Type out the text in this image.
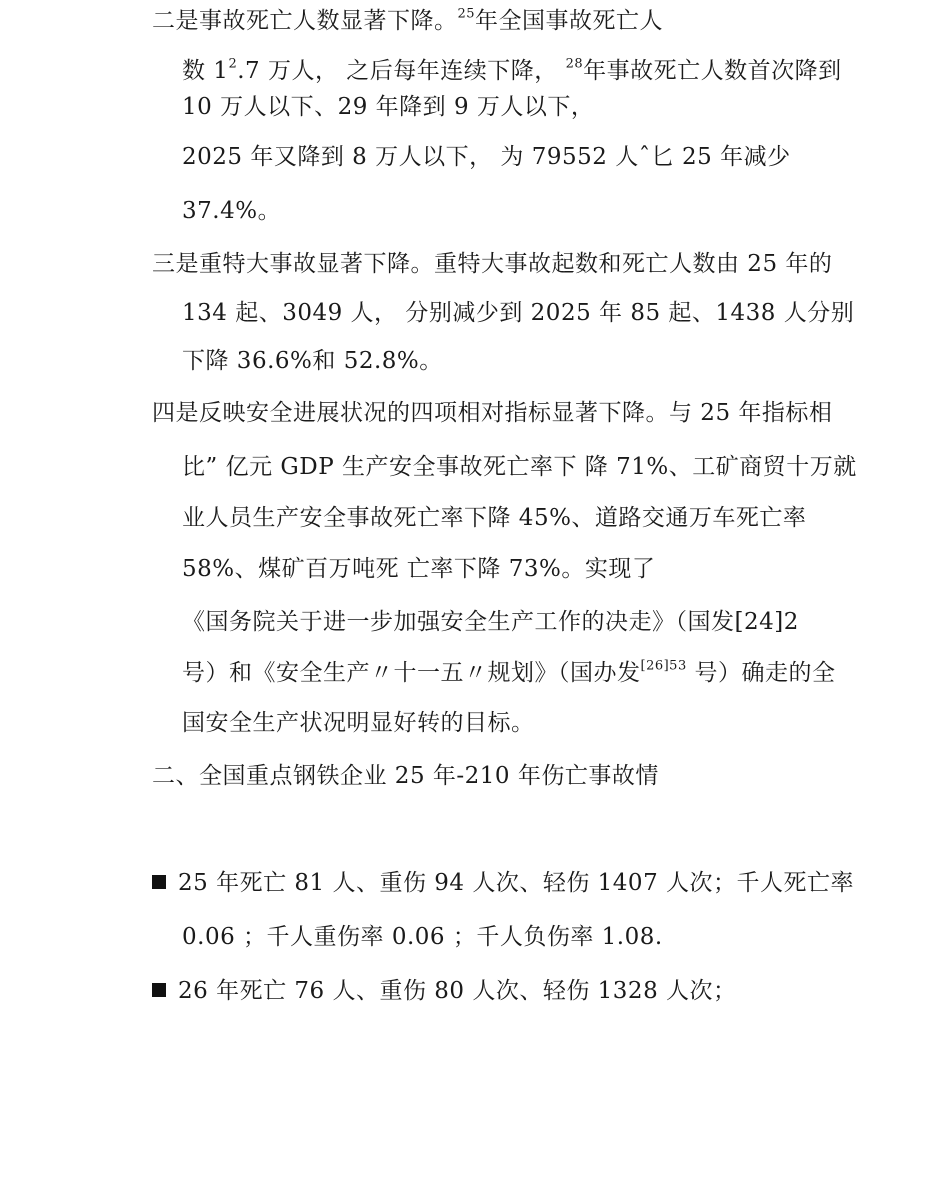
二是事故死亡人数显著下降。$^{25}$年全国事故死亡人
数 $1^2.7$ 万人， 之后每年连续下降， $^{28}$年事故死亡人数首次降到
10 万人以下、29 年降到 9 万人以下，
2025 年又降到 8 万人以下， 为 79552 人ˆ匕 25 年减少
37.4%。
三是重特大事故显著下降。重特大事故起数和死亡人数由 25 年的
134 起、3049 人， 分别减少到 2025 年 85 起、1438 人分别
下降 36.6%和 52.8%。
四是反映安全进展状况的四项相对指标显著下降。与 25 年指标相
比” 亿元 GDP 生产安全事故死亡率下 降 71%、工矿商贸十万就
业人员生产安全事故死亡率下降 45%、道路交通万车死亡率
58%、煤矿百万吨死 亡率下降 73%。实现了
《国务院关于进一步加强安全生产工作的决走》（国发[24]2
号）和《安全生产〃十一五〃规划》（国办发$^{[26]53}$ 号）确走的全
国安全生产状况明显好转的目标。
二、全国重点钢铁企业 25 年-210 年伤亡事故情
25 年死亡 81 人、重伤 94 人次、轻伤 1407 人次；千人死亡率
0.06 ；千人重伤率 0.06 ；千人负伤率 1.08.
26 年死亡 76 人、重伤 80 人次、轻伤 1328 人次；
